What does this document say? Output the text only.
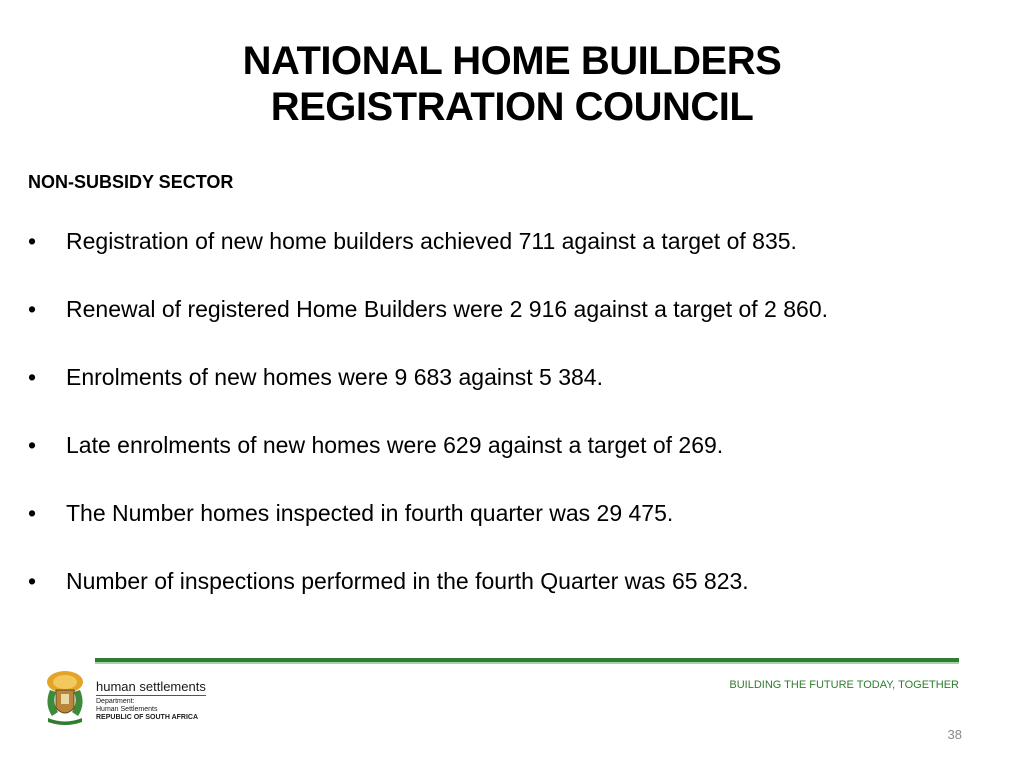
NATIONAL HOME BUILDERS
REGISTRATION COUNCIL
NON-SUBSIDY SECTOR
• Registration of new home builders achieved 711 against a target of 835.
• Renewal of registered Home Builders were 2 916 against a target of 2 860.
• Enrolments of new homes were 9 683 against 5 384.
• Late enrolments of new homes were 629 against a target of 269.
• The Number homes inspected in fourth quarter was 29 475.
• Number of inspections performed in the fourth Quarter was 65 823.
human settlements
Department:
Human Settlements
REPUBLIC OF SOUTH AFRICA
BUILDING THE FUTURE TODAY, TOGETHER
38
